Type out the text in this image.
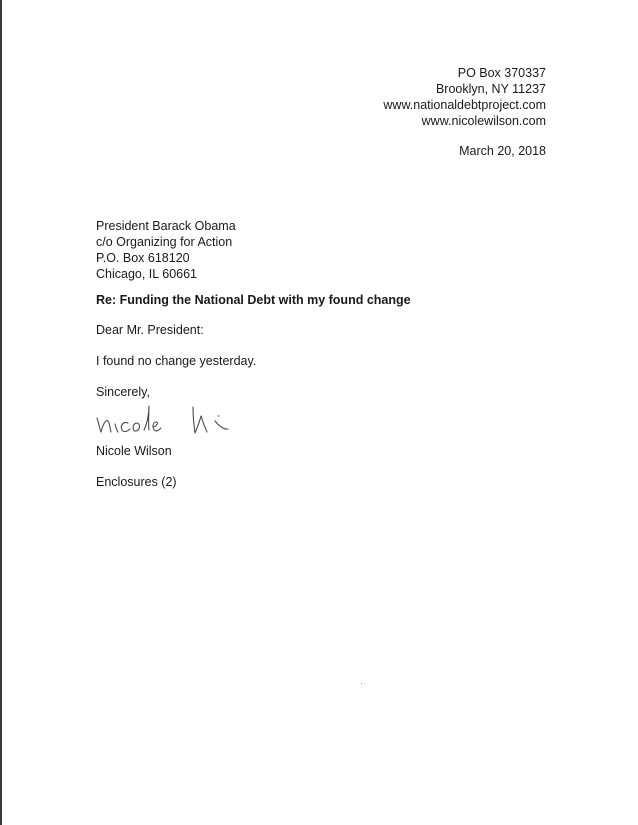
PO Box 370337
Brooklyn, NY 11237
www.nationaldebtproject.com
www.nicolewilson.com
March 20, 2018
President Barack Obama
c/o Organizing for Action
P.O. Box 618120
Chicago, IL 60661
Re: Funding the National Debt with my found change
Dear Mr. President:
I found no change yesterday.
Sincerely,
Nicole Wilson
Enclosures (2)
